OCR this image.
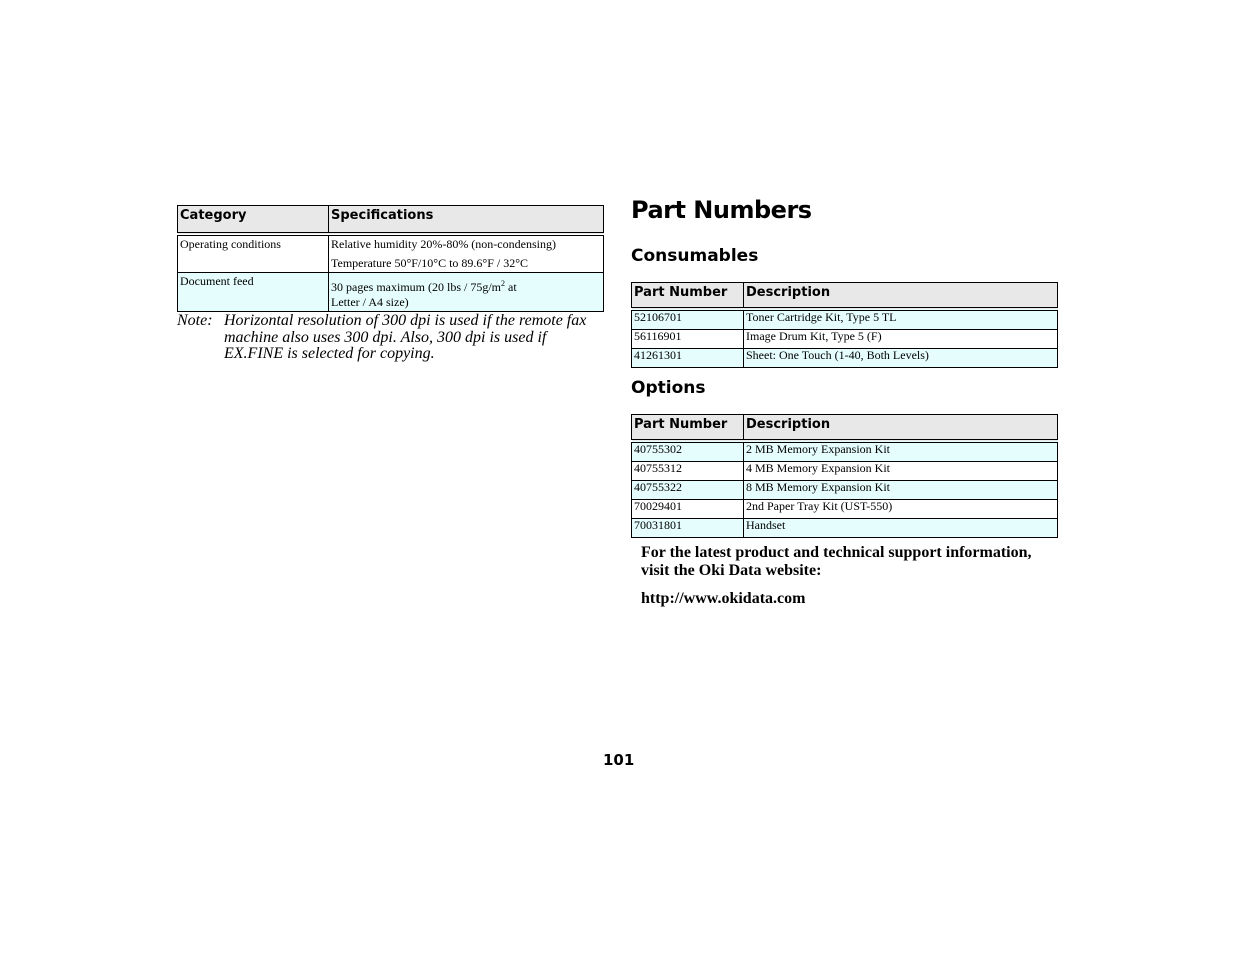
Category	Specifications
Operating conditions	Relative humidity 20%-80% (non-condensing)
Temperature 50°F/10°C to 89.6°F / 32°C

Document feed	30 pages maximum (20 lbs / $75g/m^2$ at
Letter / A4 size)
Note: Horizontal resolution of 300 dpi is used if the remote fax machine also uses 300 dpi. Also, 300 dpi is used if EX.FINE is selected for copying.
Part Numbers
Consumables
Part Number	Description
52106701	Toner Cartridge Kit, Type 5 TL
56116901	Image Drum Kit, Type 5 (F)
41261301	Sheet: One Touch (1-40, Both Levels)
Options
Part Number	Description
40755302	2 MB Memory Expansion Kit
40755312	4 MB Memory Expansion Kit
40755322	8 MB Memory Expansion Kit
70029401	2nd Paper Tray Kit (UST-550)
70031801	Handset

For the latest product and technical support information, visit the Oki Data website:

http://www.okidata.com

101
